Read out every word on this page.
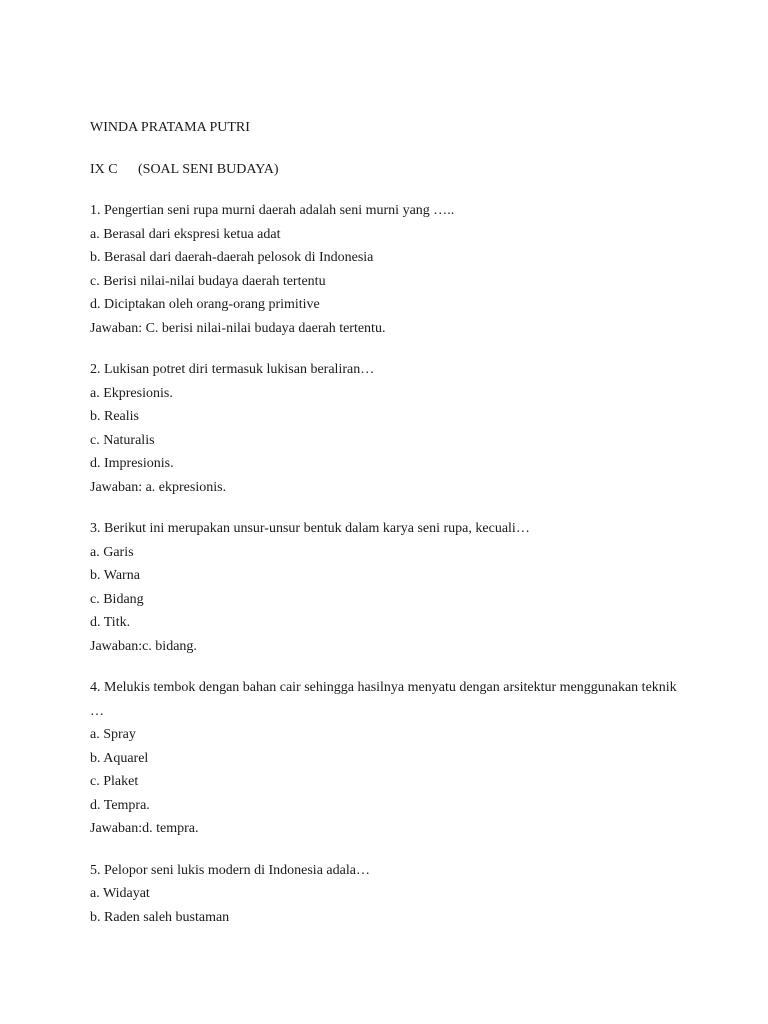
WINDA PRATAMA PUTRI
IX C (SOAL SENI BUDAYA)
1. Pengertian seni rupa murni daerah adalah seni murni yang …..
a. Berasal dari ekspresi ketua adat
b. Berasal dari daerah-daerah pelosok di Indonesia
c. Berisi nilai-nilai budaya daerah tertentu
d. Diciptakan oleh orang-orang primitive
Jawaban: C. berisi nilai-nilai budaya daerah tertentu.
2. Lukisan potret diri termasuk lukisan beraliran…
a. Ekpresionis.
b. Realis
c. Naturalis
d. Impresionis.
Jawaban: a. ekpresionis.
3. Berikut ini merupakan unsur-unsur bentuk dalam karya seni rupa, kecuali…
a. Garis
b. Warna
c. Bidang
d. Titk.
Jawaban:c. bidang.
4. Melukis tembok dengan bahan cair sehingga hasilnya menyatu dengan arsitektur menggunakan teknik …
a. Spray
b. Aquarel
c. Plaket
d. Tempra.
Jawaban:d. tempra.
5. Pelopor seni lukis modern di Indonesia adala…
a. Widayat
b. Raden saleh bustaman
